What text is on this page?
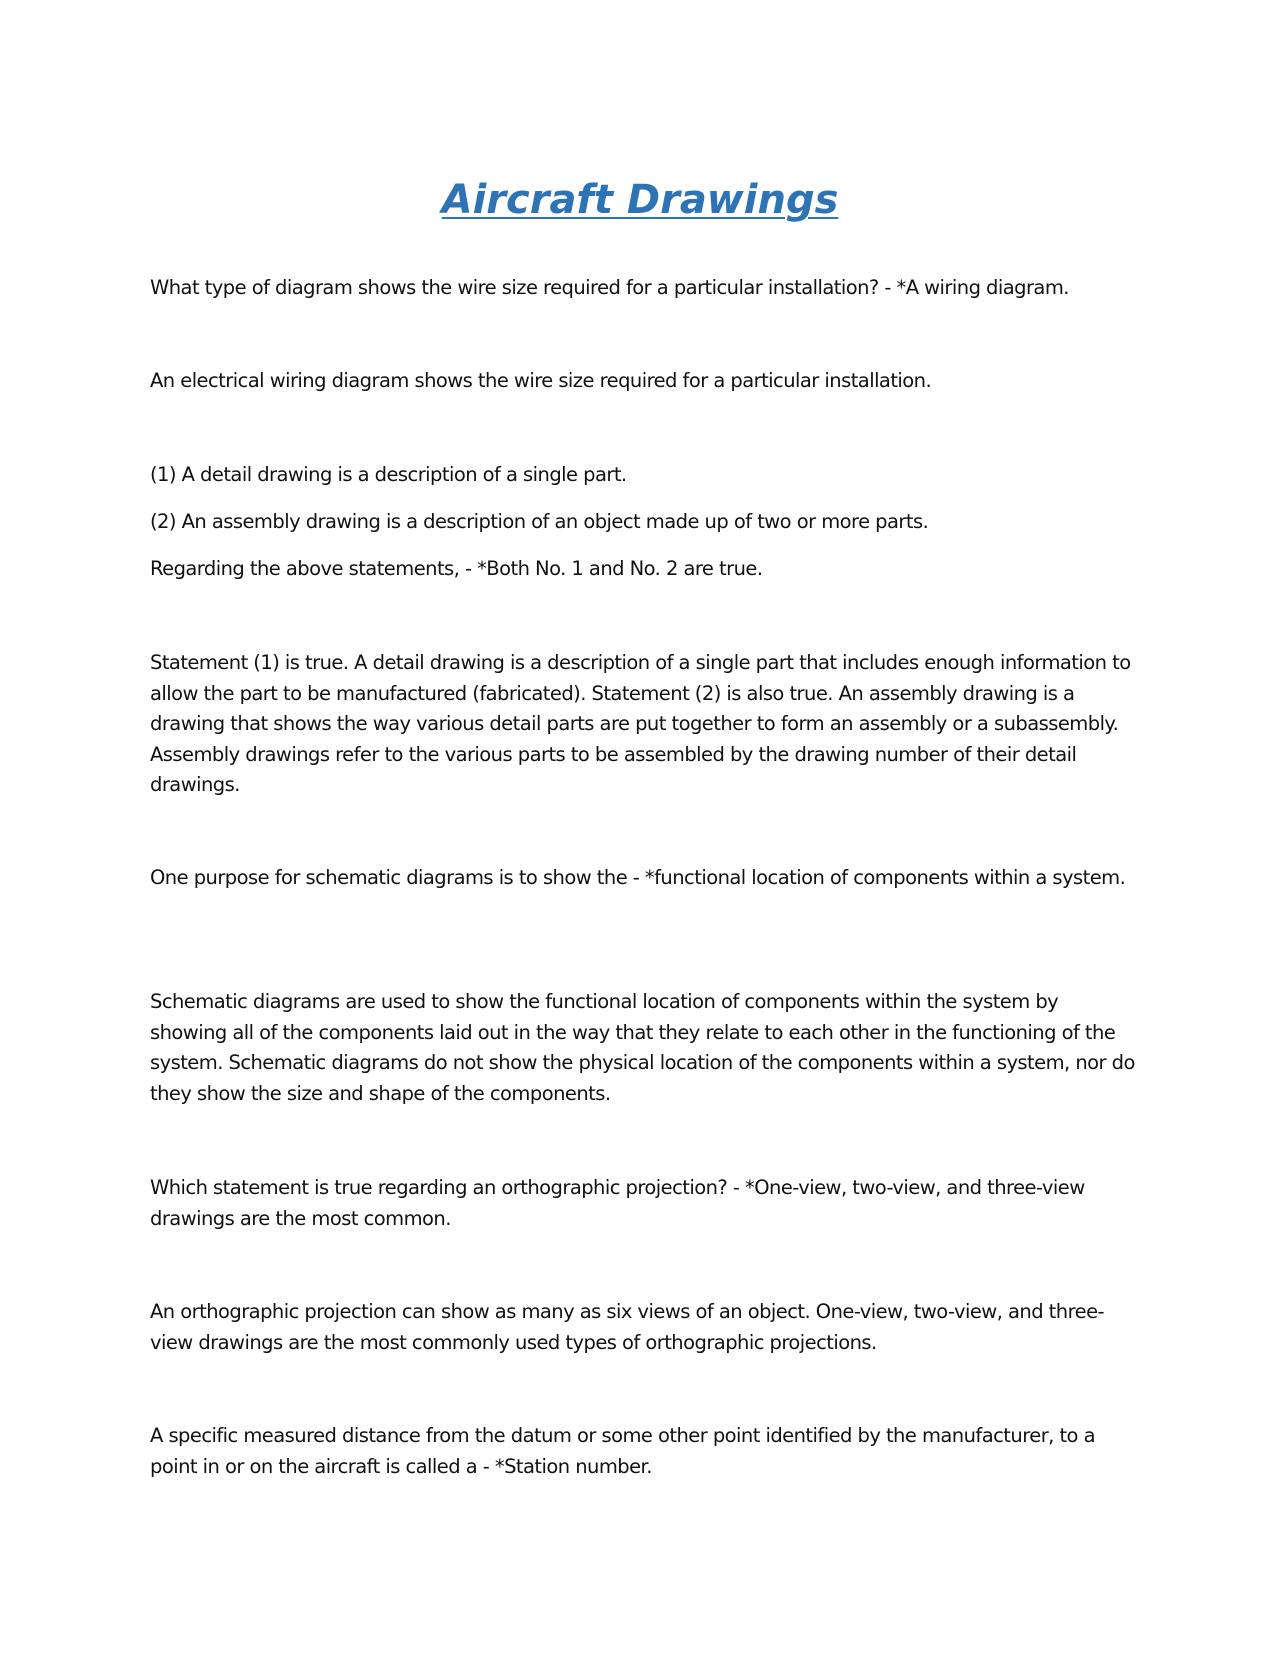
Aircraft Drawings

What type of diagram shows the wire size required for a particular installation? - *A wiring diagram.

An electrical wiring diagram shows the wire size required for a particular installation.

(1) A detail drawing is a description of a single part.

(2) An assembly drawing is a description of an object made up of two or more parts.

Regarding the above statements, - *Both No. 1 and No. 2 are true.

Statement (1) is true. A detail drawing is a description of a single part that includes enough information to allow the part to be manufactured (fabricated). Statement (2) is also true. An assembly drawing is a drawing that shows the way various detail parts are put together to form an assembly or a subassembly. Assembly drawings refer to the various parts to be assembled by the drawing number of their detail drawings.

One purpose for schematic diagrams is to show the - *functional location of components within a system.

Schematic diagrams are used to show the functional location of components within the system by showing all of the components laid out in the way that they relate to each other in the functioning of the system. Schematic diagrams do not show the physical location of the components within a system, nor do they show the size and shape of the components.

Which statement is true regarding an orthographic projection? - *One-view, two-view, and three-view drawings are the most common.

An orthographic projection can show as many as six views of an object. One-view, two-view, and three-view drawings are the most commonly used types of orthographic projections.

A specific measured distance from the datum or some other point identified by the manufacturer, to a point in or on the aircraft is called a - *Station number.
